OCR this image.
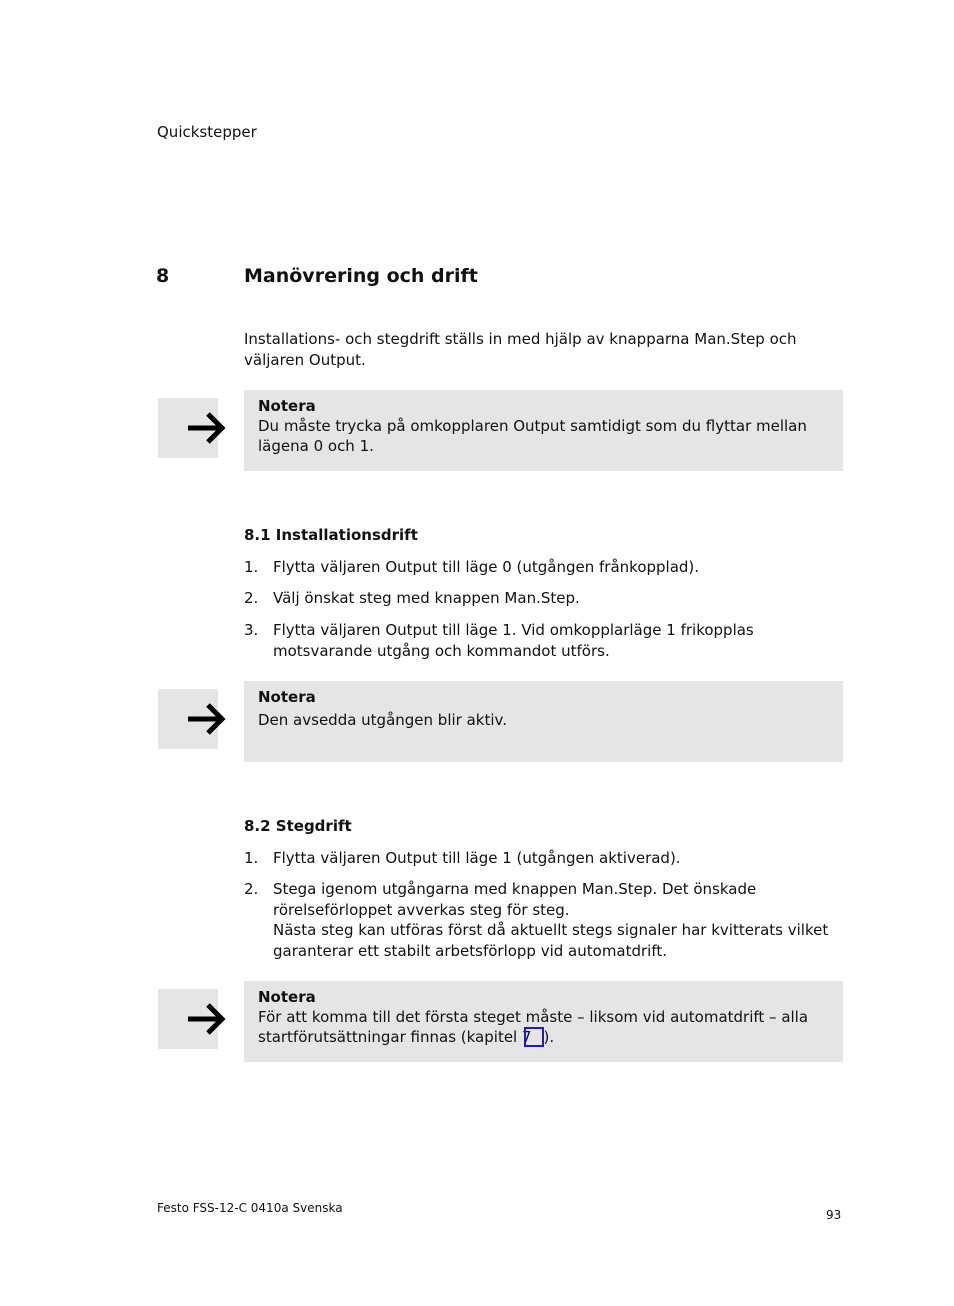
Quickstepper
8	Manövrering och drift
Installations- och stegdrift ställs in med hjälp av knapparna Man.Step och väljaren Output.
Notera
Du måste trycka på omkopplaren Output samtidigt som du flyttar mellan lägena 0 och 1.
8.1 Installationsdrift
1. Flytta väljaren Output till läge 0 (utgången frånkopplad).
2. Välj önskat steg med knappen Man.Step.
3. Flytta väljaren Output till läge 1. Vid omkopplarläge 1 frikopplas motsvarande utgång och kommandot utförs.
Notera
Den avsedda utgången blir aktiv.
8.2 Stegdrift
1. Flytta väljaren Output till läge 1 (utgången aktiverad).
2. Stega igenom utgångarna med knappen Man.Step. Det önskade rörelseförloppet avverkas steg för steg.
Nästa steg kan utföras först då aktuellt stegs signaler har kvitterats vilket garanterar ett stabilt arbetsförlopp vid automatdrift.
Notera
För att komma till det första steget måste – liksom vid automatdrift – alla startförutsättningar finnas (kapitel 7 ).
Festo FSS-12-C 0410a Svenska	93
